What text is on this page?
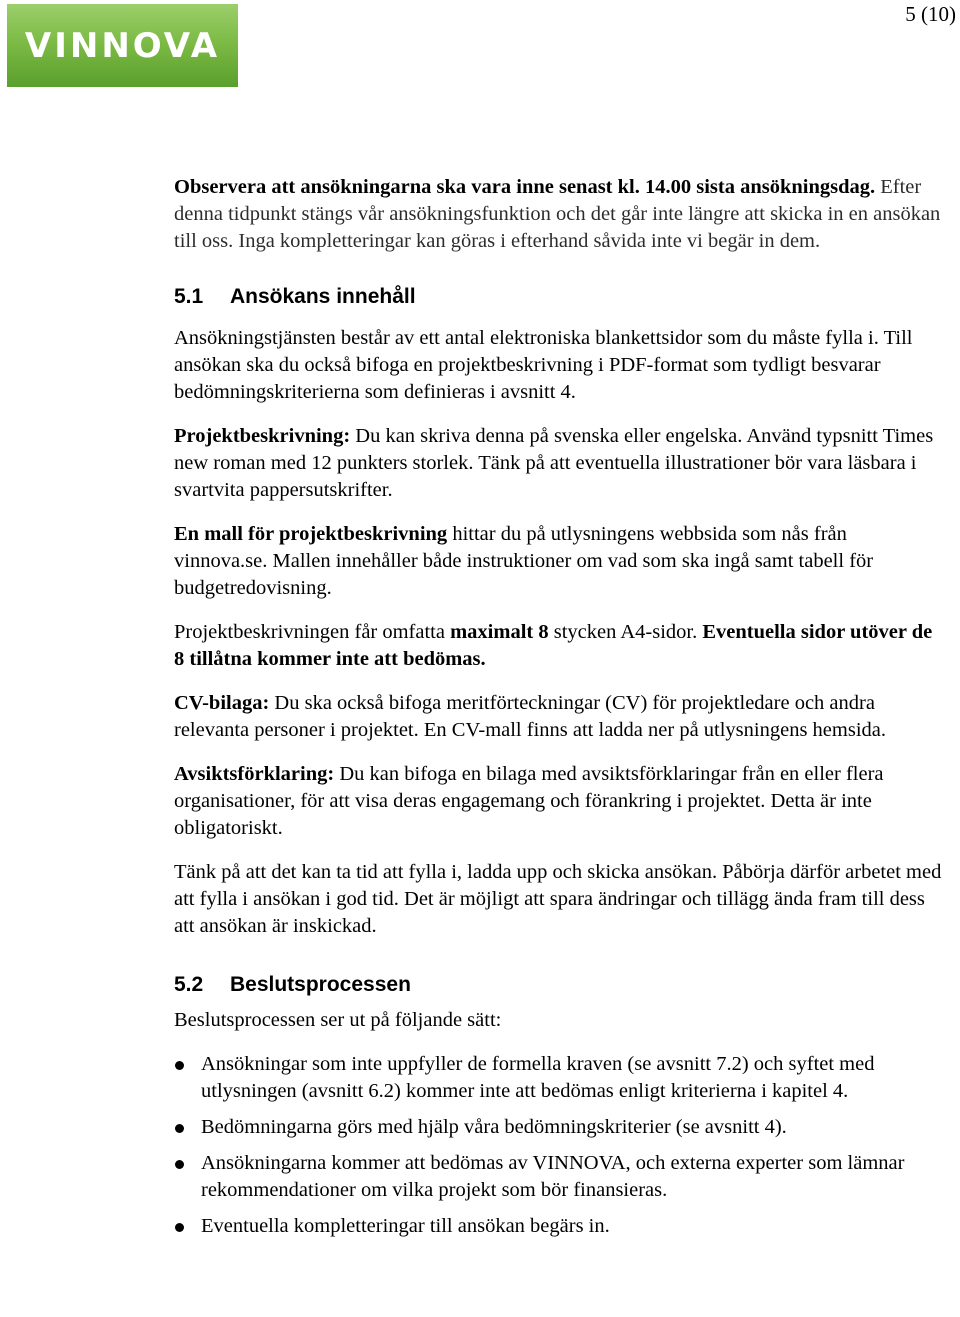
VINNOVA
5 (10)

Observera att ansökningarna ska vara inne senast kl. 14.00 sista ansökningsdag. Efter denna tidpunkt stängs vår ansökningsfunktion och det går inte längre att skicka in en ansökan till oss. Inga kompletteringar kan göras i efterhand såvida inte vi begär in dem.

5.1 Ansökans innehåll

Ansökningstjänsten består av ett antal elektroniska blankettsidor som du måste fylla i. Till ansökan ska du också bifoga en projektbeskrivning i PDF-format som tydligt besvarar bedömningskriterierna som definieras i avsnitt 4.

Projektbeskrivning: Du kan skriva denna på svenska eller engelska. Använd typsnitt Times new roman med 12 punkters storlek. Tänk på att eventuella illustrationer bör vara läsbara i svartvita pappersutskrifter.

En mall för projektbeskrivning hittar du på utlysningens webbsida som nås från vinnova.se. Mallen innehåller både instruktioner om vad som ska ingå samt tabell för budgetredovisning.

Projektbeskrivningen får omfatta maximalt 8 stycken A4-sidor. Eventuella sidor utöver de 8 tillåtna kommer inte att bedömas.

CV-bilaga: Du ska också bifoga meritförteckningar (CV) för projektledare och andra relevanta personer i projektet. En CV-mall finns att ladda ner på utlysningens hemsida.

Avsiktsförklaring: Du kan bifoga en bilaga med avsiktsförklaringar från en eller flera organisationer, för att visa deras engagemang och förankring i projektet. Detta är inte obligatoriskt.

Tänk på att det kan ta tid att fylla i, ladda upp och skicka ansökan. Påbörja därför arbetet med att fylla i ansökan i god tid. Det är möjligt att spara ändringar och tillägg ända fram till dess att ansökan är inskickad.

5.2 Beslutsprocessen

Beslutsprocessen ser ut på följande sätt:

Ansökningar som inte uppfyller de formella kraven (se avsnitt 7.2) och syftet med utlysningen (avsnitt 6.2) kommer inte att bedömas enligt kriterierna i kapitel 4.
Bedömningarna görs med hjälp våra bedömningskriterier (se avsnitt 4).
Ansökningarna kommer att bedömas av VINNOVA, och externa experter som lämnar rekommendationer om vilka projekt som bör finansieras.
Eventuella kompletteringar till ansökan begärs in.
